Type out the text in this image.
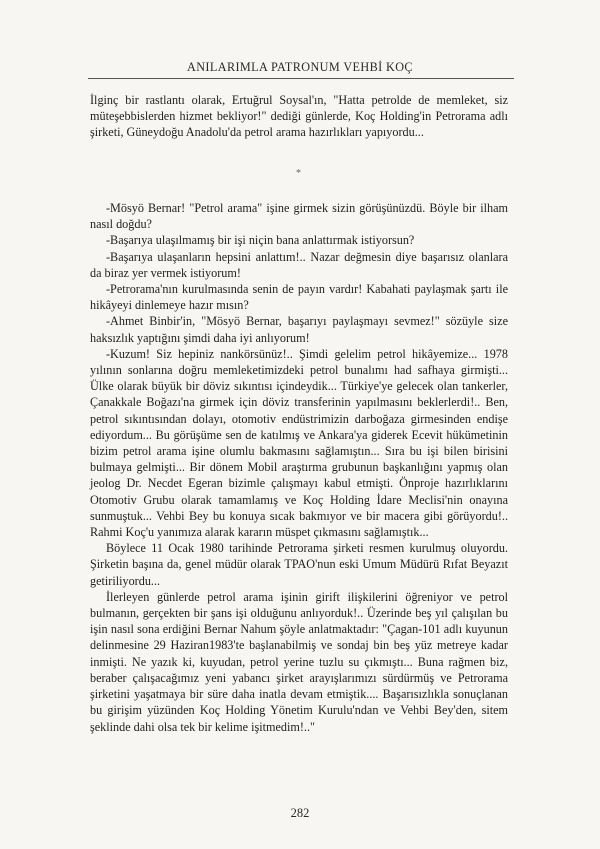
ANILARIMLA PATRONUM VEHBİ KOÇ

İlginç bir rastlantı olarak, Ertuğrul Soysal'ın, "Hatta petrolde de memleket, siz müteşebbislerden hizmet bekliyor!" dediği günlerde, Koç Holding'in Petrorama adlı şirketi, Güneydoğu Anadolu'da petrol arama hazırlıkları yapıyordu...

*

-Mösyö Bernar! "Petrol arama" işine girmek sizin görüşünüzdü. Böyle bir ilham nasıl doğdu?

-Başarıya ulaşılmamış bir işi niçin bana anlattırmak istiyorsun?

-Başarıya ulaşanların hepsini anlattım!.. Nazar değmesin diye başarısız olanlara da biraz yer vermek istiyorum!

-Petrorama'nın kurulmasında senin de payın vardır! Kabahati paylaşmak şartı ile hikâyeyi dinlemeye hazır mısın?

-Ahmet Binbir'in, "Mösyö Bernar, başarıyı paylaşmayı sevmez!" sözüyle size haksızlık yaptığını şimdi daha iyi anlıyorum!

-Kuzum! Siz hepiniz nankörsünüz!.. Şimdi gelelim petrol hikâyemize... 1978 yılının sonlarına doğru memleketimizdeki petrol bunalımı had safhaya girmişti... Ülke olarak büyük bir döviz sıkıntısı içindeydik... Türkiye'ye gelecek olan tankerler, Çanakkale Boğazı'na girmek için döviz transferinin yapılmasını beklerlerdi!.. Ben, petrol sıkıntısından dolayı, otomotiv endüstrimizin darboğaza girmesinden endişe ediyordum... Bu görüşüme sen de katılmış ve Ankara'ya giderek Ecevit hükümetinin bizim petrol arama işine olumlu bakmasını sağlamıştın... Sıra bu işi bilen birisini bulmaya gelmişti... Bir dönem Mobil araştırma grubunun başkanlığını yapmış olan jeolog Dr. Necdet Egeran bizimle çalışmayı kabul etmişti. Önproje hazırlıklarını Otomotiv Grubu olarak tamamlamış ve Koç Holding İdare Meclisi'nin onayına sunmuştuk... Vehbi Bey bu konuya sıcak bakmıyor ve bir macera gibi görüyordu!.. Rahmi Koç'u yanımıza alarak kararın müspet çıkmasını sağlamıştık...

Böylece 11 Ocak 1980 tarihinde Petrorama şirketi resmen kurulmuş oluyordu. Şirketin başına da, genel müdür olarak TPAO'nun eski Umum Müdürü Rıfat Beyazıt getiriliyordu...

İlerleyen günlerde petrol arama işinin girift ilişkilerini öğreniyor ve petrol bulmanın, gerçekten bir şans işi olduğunu anlıyorduk!.. Üzerinde beş yıl çalışılan bu işin nasıl sona erdiğini Bernar Nahum şöyle anlatmaktadır: "Çagan-101 adlı kuyunun delinmesine 29 Haziran1983'te başlanabilmiş ve sondaj bin beş yüz metreye kadar inmişti. Ne yazık ki, kuyudan, petrol yerine tuzlu su çıkmıştı... Buna rağmen biz, beraber çalışacağımız yeni yabancı şirket arayışlarımızı sürdürmüş ve Petrorama şirketini yaşatmaya bir süre daha inatla devam etmiştik.... Başarısızlıkla sonuçlanan bu girişim yüzünden Koç Holding Yönetim Kurulu'ndan ve Vehbi Bey'den, sitem şeklinde dahi olsa tek bir kelime işitmedim!.."

282
